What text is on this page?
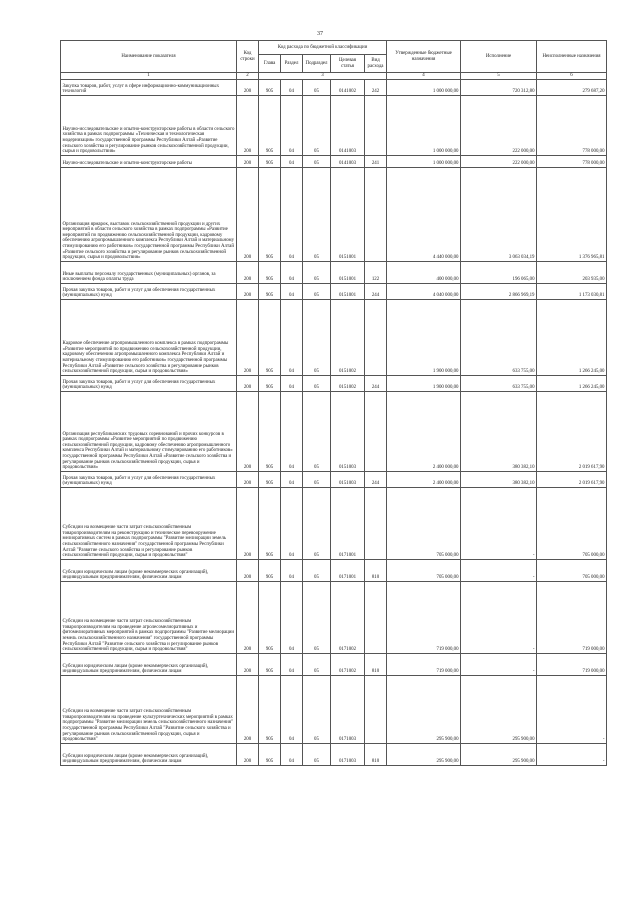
37
Наименование показателя	Код строки	Код расхода по бюджетной классификации					Утвержденные бюджетные назначения	Исполнение	Неисполненные назначения
		Глава	Раздел	Подраздел	Целевая статья	Вид расхода			
1	2	3					4	5	6
Закупка товаров, работ, услуг в сфере информационно-коммуникационных технологий	200	905	04	05	0141002	242	1 000 000,00	720 312,80	279 687,20
Научно-исследовательские и опытно-конструкторские работы в области сельского хозяйства в рамках подпрограммы «Техническая и технологическая модернизация» государственной программы Республики Алтай «Развитие сельского хозяйства и регулирование рынков сельскохозяйственной продукции, сырья и продовольствия»	200	905	04	05	0141003		1 000 000,00	222 000,00	778 000,00
Научно-исследовательские и опытно-конструкторские работы	200	905	04	05	0141003	241	1 000 000,00	222 000,00	778 000,00
Организация ярмарок, выставок сельскохозяйственной продукции и других мероприятий в области сельского хозяйства в рамках подпрограммы «Развитие мероприятий по продвижению сельскохозяйственной продукции, кадровому обеспечению агропромышленного комплекса Республики Алтай и материальному стимулированию его работников» государственной программы Республики Алтай «Развитие сельского хозяйства и регулирование рынков сельскохозяйственной продукции, сырья и продовольствия»	200	905	04	05	0151001		4 440 000,00	3 063 034,19	1 376 965,81
Иные выплаты персоналу государственных (муниципальных) органов, за исключением фонда оплаты труда	200	905	04	05	0151001	122	400 000,00	196 065,00	203 935,00
Прочая закупка товаров, работ и услуг для обеспечения государственных (муниципальных) нужд	200	905	04	05	0151001	244	4 040 000,00	2 866 969,19	1 173 030,81
Кадровое обеспечение агропромышленного комплекса в рамках подпрограммы «Развитие мероприятий по продвижению сельскохозяйственной продукции, кадровому обеспечению агропромышленного комплекса Республики Алтай и материальному стимулированию его работников» государственной программы Республики Алтай «Развитие сельского хозяйства и регулирование рынков сельскохозяйственной продукции, сырья и продовольствия»	200	905	04	05	0151002		1 900 000,00	633 755,00	1 266 245,00
Прочая закупка товаров, работ и услуг для обеспечения государственных (муниципальных) нужд	200	905	04	05	0151002	244	1 900 000,00	633 755,00	1 266 245,00
Организация республиканских трудовых соревнований и прочих конкурсов в рамках подпрограммы «Развитие мероприятий по продвижению сельскохозяйственной продукции, кадровому обеспечению агропромышленного комплекса Республики Алтай и материальному стимулированию его работников» государственной программы Республики Алтай «Развитие сельского хозяйства и регулирование рынков сельскохозяйственной продукции, сырья и продовольствия»	200	905	04	05	0151003		2 400 000,00	380 382,10	2 019 617,90
Прочая закупка товаров, работ и услуг для обеспечения государственных (муниципальных) нужд	200	905	04	05	0151003	244	2 400 000,00	380 382,10	2 019 617,90
Субсидии на возмещение части затрат сельскохозяйственным товаропроизводителям на реконструкцию и техническое перевооружение мелиоративных систем в рамках подпрограммы "Развитие мелиорации земель сельскохозяйственного назначения" государственной программы Республики Алтай "Развитие сельского хозяйства и регулирование рынков сельскохозяйственной продукции, сырья и продовольствия"	200	905	04	05	0171001		705 000,00	-	705 000,00
Субсидии юридическим лицам (кроме некоммерческих организаций), индивидуальным предпринимателям, физическим лицам	200	905	04	05	0171001	810	705 000,00	-	705 000,00
Субсидии на возмещение части затрат сельскохозяйственным товаропроизводителям на проведение агролесомелиоративных и фитомелиоративных мероприятий в рамках подпрограммы "Развитие мелиорации земель сельскохозяйственного назначения" государственной программы Республики Алтай "Развитие сельского хозяйства и регулирование рынков сельскохозяйственной продукции, сырья и продовольствия"	200	905	04	05	0171002		719 000,00	-	719 000,00
Субсидии юридическим лицам (кроме некоммерческих организаций), индивидуальным предпринимателям, физическим лицам	200	905	04	05	0171002	810	719 000,00	-	719 000,00
Субсидии на возмещение части затрат сельскохозяйственным товаропроизводителям на проведение культуртехнических мероприятий в рамках подпрограммы "Развитие мелиорации земель сельскохозяйственного назначения" государственной программы Республики Алтай "Развитие сельского хозяйства и регулирование рынков сельскохозяйственной продукции, сырья и продовольствия"	200	905	04	05	0171003		295 900,00	295 900,00	-
Субсидии юридическим лицам (кроме некоммерческих организаций), индивидуальным предпринимателям, физическим лицам	200	905	04	05	0171003	810	295 900,00	295 900,00	-
